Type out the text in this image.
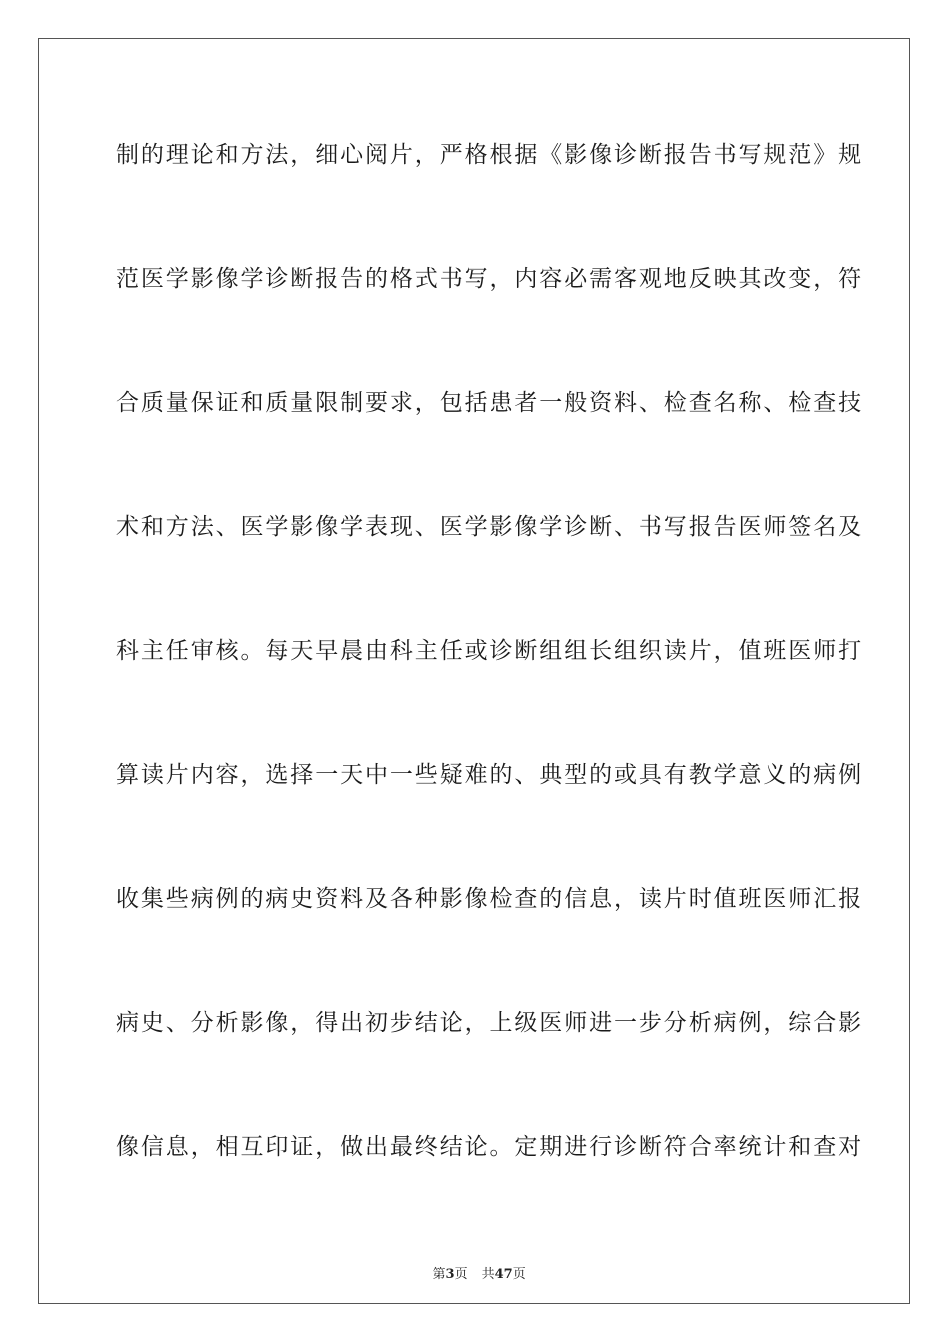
制的理论和方法，细心阅片，严格根据《影像诊断报告书写规范》规
范医学影像学诊断报告的格式书写，内容必需客观地反映其改变，符
合质量保证和质量限制要求，包括患者一般资料、检查名称、检查技
术和方法、医学影像学表现、医学影像学诊断、书写报告医师签名及
科主任审核。每天早晨由科主任或诊断组组长组织读片，值班医师打
算读片内容，选择一天中一些疑难的、典型的或具有教学意义的病例
收集些病例的病史资料及各种影像检查的信息，读片时值班医师汇报
病史、分析影像，得出初步结论，上级医师进一步分析病例，综合影
像信息，相互印证，做出最终结论。定期进行诊断符合率统计和查对

第3页 共47页
